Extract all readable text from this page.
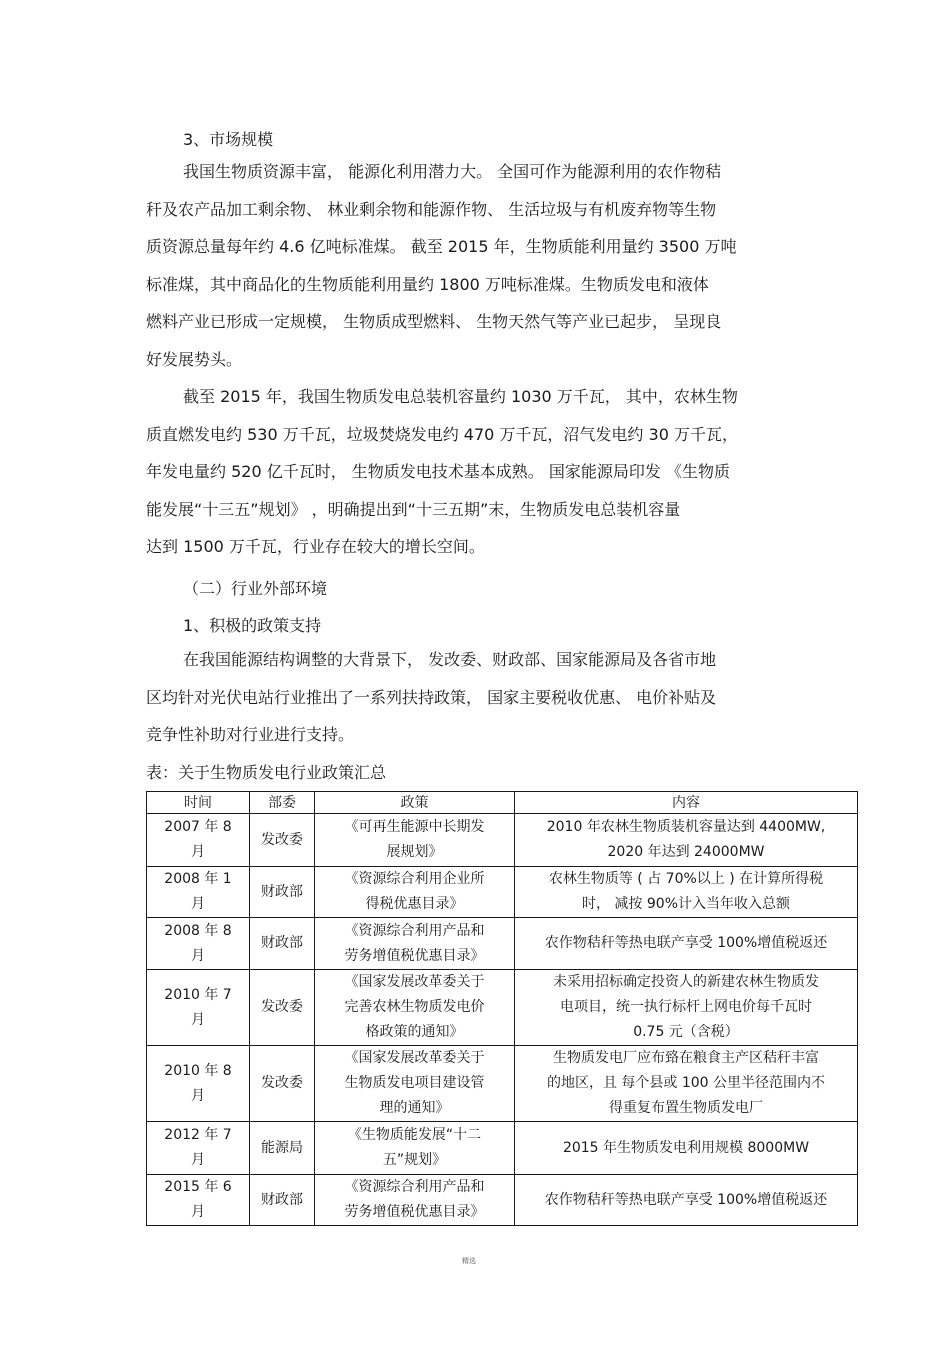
3、市场规模
我国生物质资源丰富， 能源化利用潜力大。 全国可作为能源利用的农作物秸
秆及农产品加工剩余物、 林业剩余物和能源作物、 生活垃圾与有机废弃物等生物
质资源总量每年约 4.6 亿吨标准煤。 截至 2015 年，生物质能利用量约 3500 万吨
标准煤，其中商品化的生物质能利用量约 1800 万吨标准煤。生物质发电和液体
燃料产业已形成一定规模， 生物质成型燃料、 生物天然气等产业已起步， 呈现良
好发展势头。
截至 2015 年，我国生物质发电总装机容量约 1030 万千瓦， 其中，农林生物
质直燃发电约 530 万千瓦，垃圾焚烧发电约 470 万千瓦，沼气发电约 30 万千瓦，
年发电量约 520 亿千瓦时， 生物质发电技术基本成熟。 国家能源局印发 《生物质
能发展“十三五”规划》 ，明确提出到“十三五期”末，生物质发电总装机容量
达到 1500 万千瓦，行业存在较大的增长空间。
（二）行业外部环境
1、积极的政策支持
在我国能源结构调整的大背景下， 发改委、财政部、国家能源局及各省市地
区均针对光伏电站行业推出了一系列扶持政策， 国家主要税收优惠、 电价补贴及
竞争性补助对行业进行支持。
表：关于生物质发电行业政策汇总
时间	部委	政策	内容

2007 年 8
月	发改委	《可再生能源中长期发
展规划》	2010 年农林生物质装机容量达到 4400MW,
2020 年达到 24000MW

2008 年 1
月	财政部	《资源综合利用企业所
得税优惠目录》	农林生物质等 ( 占 70%以上 ) 在计算所得税
时， 减按 90%计入当年收入总额

2008 年 8
月	财政部	《资源综合利用产品和
劳务增值税优惠目录》	农作物秸秆等热电联产享受 100%增值税返还

2010 年 7
月	发改委	《国家发展改革委关于
完善农林生物质发电价
格政策的通知》	未采用招标确定投资人的新建农林生物质发
电项目，统一执行标杆上网电价每千瓦时
0.75 元（含税）

2010 年 8
月	发改委	《国家发展改革委关于
生物质发电项目建设管
理的通知》	生物质发电厂应布臵在粮食主产区秸秆丰富
的地区，且 每个县或 100 公里半径范围内不
得重复布置生物质发电厂

2012 年 7
月	能源局	《生物质能发展“十二
五”规划》	2015 年生物质发电利用规模 8000MW

2015 年 6
月	财政部	《资源综合利用产品和
劳务增值税优惠目录》	农作物秸秆等热电联产享受 100%增值税返还
精选
